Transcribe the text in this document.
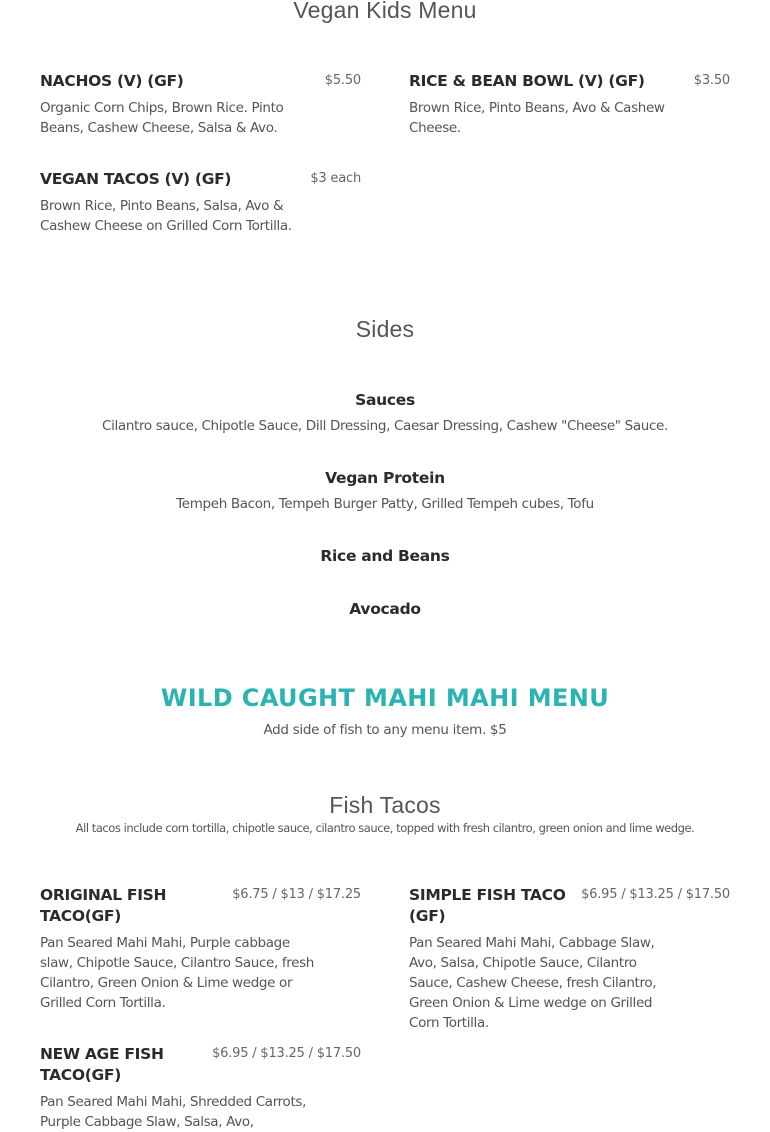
Vegan Kids Menu
NACHOS (V) (GF)	$5.50
Organic Corn Chips, Brown Rice. Pinto Beans, Cashew Cheese, Salsa & Avo.
RICE & BEAN BOWL (V) (GF)	$3.50
Brown Rice, Pinto Beans, Avo & Cashew Cheese.
VEGAN TACOS (V) (GF)	$3 each
Brown Rice, Pinto Beans, Salsa, Avo & Cashew Cheese on Grilled Corn Tortilla.
Sides
Sauces
Cilantro sauce, Chipotle Sauce, Dill Dressing, Caesar Dressing, Cashew "Cheese" Sauce.
Vegan Protein
Tempeh Bacon, Tempeh Burger Patty, Grilled Tempeh cubes, Tofu
Rice and Beans
Avocado
WILD CAUGHT MAHI MAHI MENU
Add side of fish to any menu item. $5
Fish Tacos
All tacos include corn tortilla, chipotle sauce, cilantro sauce, topped with fresh cilantro, green onion and lime wedge.
ORIGINAL FISH
TACO(GF)
$6.75 / $13 / $17.25
Pan Seared Mahi Mahi, Purple cabbage slaw, Chipotle Sauce, Cilantro Sauce, fresh Cilantro, Green Onion & Lime wedge or Grilled Corn Tortilla.
SIMPLE FISH TACO
(GF)
$6.95 / $13.25 / $17.50
Pan Seared Mahi Mahi, Cabbage Slaw, Avo, Salsa, Chipotle Sauce, Cilantro Sauce, Cashew Cheese, fresh Cilantro, Green Onion & Lime wedge on Grilled Corn Tortilla.
NEW AGE FISH
TACO(GF)
$6.95 / $13.25 / $17.50
Pan Seared Mahi Mahi, Shredded Carrots, Purple Cabbage Slaw, Salsa, Avo,
